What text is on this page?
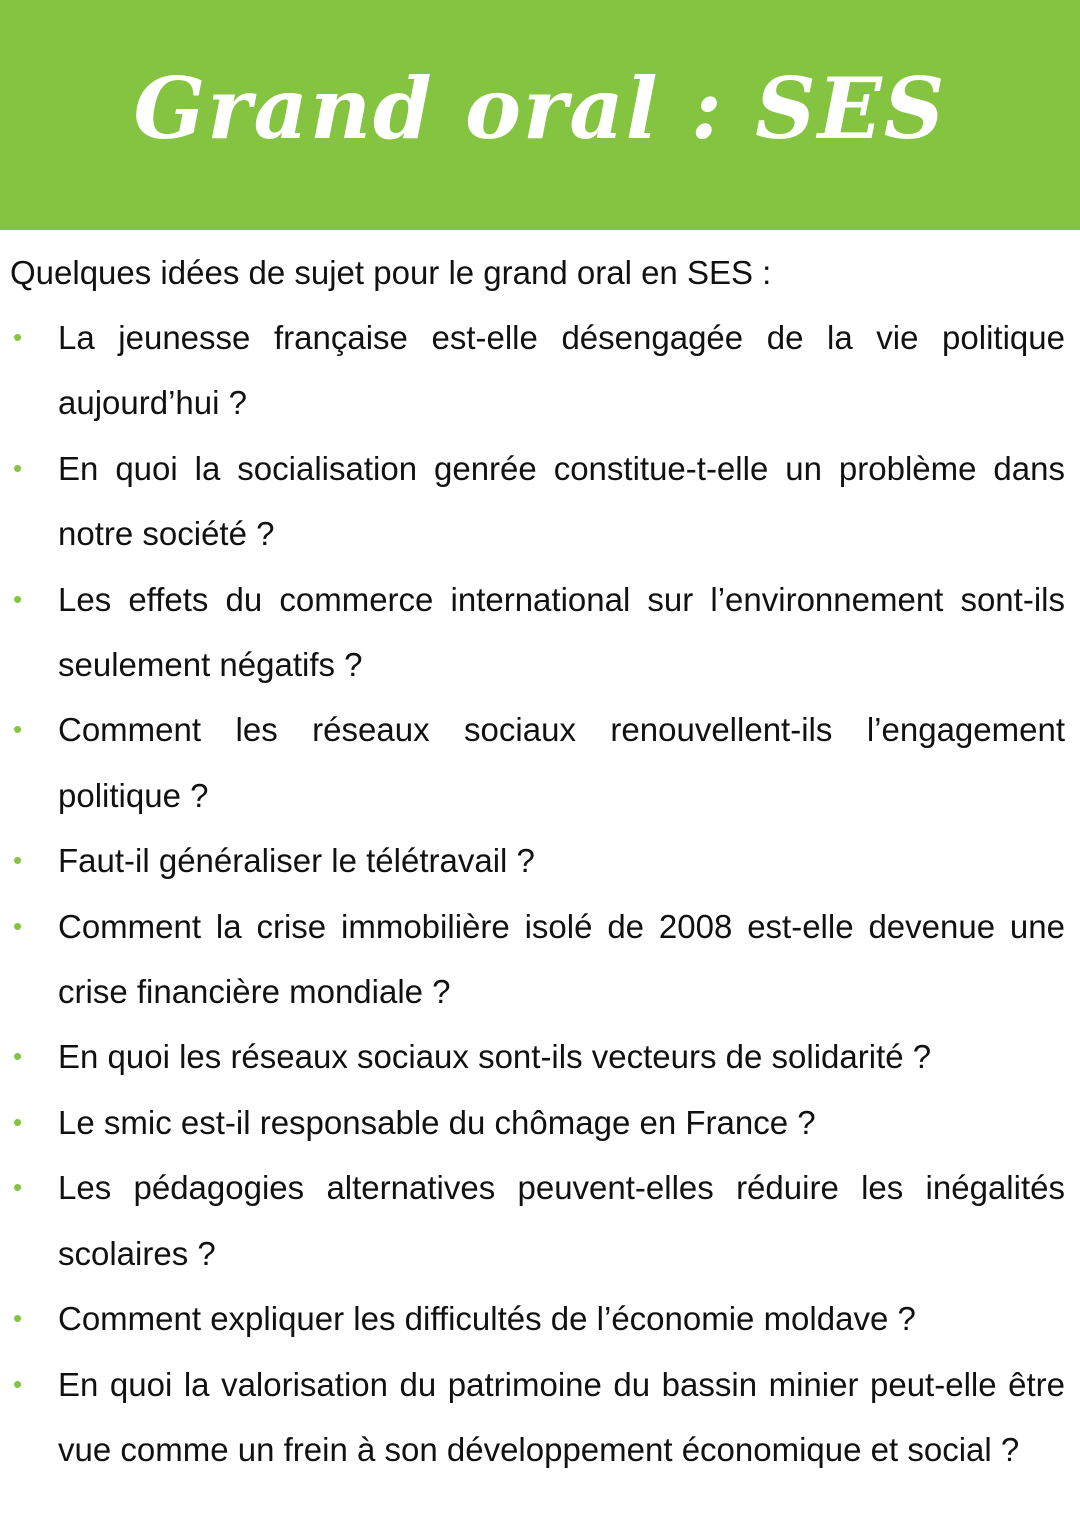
Grand oral : SES

Quelques idées de sujet pour le grand oral en SES :

• La jeunesse française est-elle désengagée de la vie politique aujourd’hui ?
• En quoi la socialisation genrée constitue-t-elle un problème dans notre société ?
• Les effets du commerce international sur l’environnement sont-ils seulement négatifs ?
• Comment les réseaux sociaux renouvellent-ils l’engagement politique ?
• Faut-il généraliser le télétravail ?
• Comment la crise immobilière isolé de 2008 est-elle devenue une crise financière mondiale ?
• En quoi les réseaux sociaux sont-ils vecteurs de solidarité ?
• Le smic est-il responsable du chômage en France ?
• Les pédagogies alternatives peuvent-elles réduire les inégalités scolaires ?
• Comment expliquer les difficultés de l’économie moldave ?
• En quoi la valorisation du patrimoine du bassin minier peut-elle être vue comme un frein à son développement économique et social ?
